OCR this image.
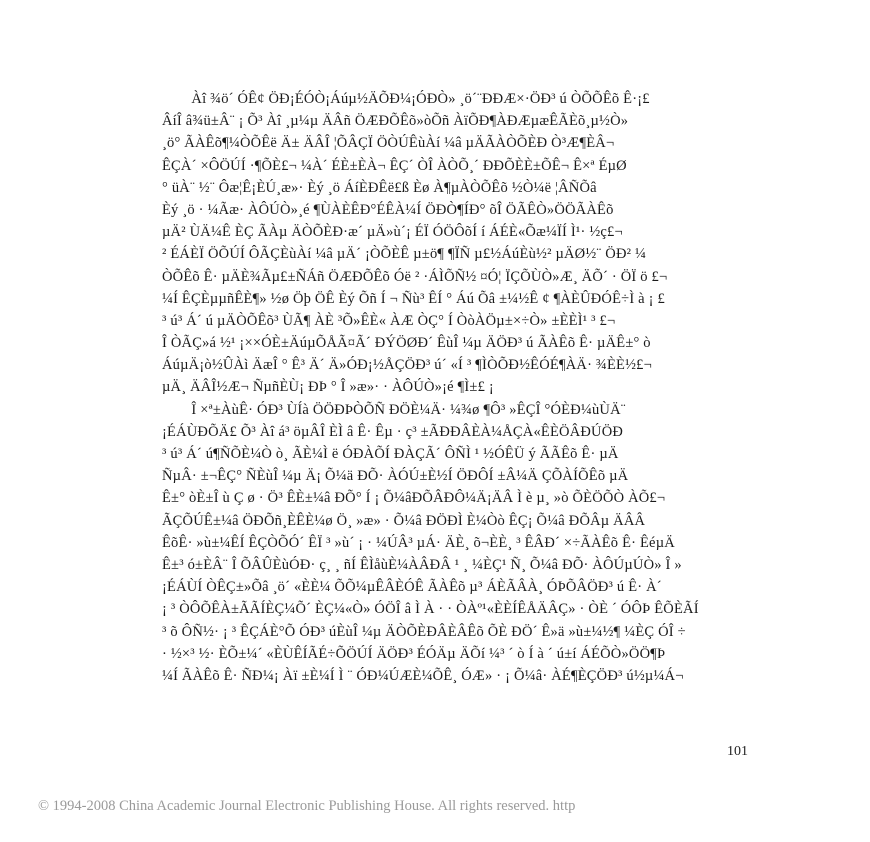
　　Àî ¾ö´ ÓÊ¢ ÖÐ¡ÉÓÒ¡Áúµ½ÄÕÐ¼¡ÓÐÒ» ¸ö´¨ÐÐÆ×·ÖÐ³ ú ÒÕÕÊõ Ê·¡£
ÂíÎ â¾ü±Â¨ ¡ Õ³ Àî ¸µ¼µ ÄÂñ ÖÆÐÕÊõ»òÕñ ÀïÕÐ¶ÀÐÆµæÊÃÈõ¸µ½Ò»
¸ö° ÃÀÊõ¶¼ÒÕÊë Ä± ÄÂÎ ¦ÕÂÇÏ ÖÒÚÊùÀí ¼â µÄÃÀÒÕÈÐ Ò³Æ¶ÈÂ¬
ÊÇÀ´ ×ÔÖÚÍ ·¶ÕÈ£¬ ¼À´ ÉÈ±ÈÀ¬ ÊÇ´ ÒÎ ÀÒÕ¸´ ÐÐÕÈÈ±ÕÊ¬ Ê×ª ÉµØ
° üÀ¨ ½¨ Ôæ¦Ê¡ÈÚ¸æ»· Èý ¸ö ÁíÈÐÊë£ß Èø À¶µÀÒÕÊõ ½Ò¼ë ¦ÂÑÕâ
Èý ¸ö · ¼Ãæ· ÀÔÚÒ»¸é ¶ÙÀÈÊÐ°ÉÊÀ¼Í ÖÐÒ¶ÍÐ° õÎ ÖÃÊÒ»ÖÖÃÀÊõ
µÄ² ÙÄ¼Ê ÈÇ ÃÀµ ÄÒÕÈÐ·æ´ µÄ»ù´¡ ÉÏ ÓÖÔõÍ í ÁÉÈ«Õæ¼ÏÍ Ì¹· ½ç£¬
² ÉÁÈÏ ÖÕÚÍ ÔÃÇÈùÀí ¼â µÄ´ ¡ÒÕÈÊ µ±ö¶ ¶ÏÑ µ£½ÁúÈù½² µÄØ½¨ ÖÐ² ¼
ÒÕÊõ Ê· µÄÈ¾Ãµ£±ÑÁñ ÖÆÐÕÊõ Óë ² ·ÁÌÕÑ½ ¤Ó¦ ÏÇÕÙÒ»Æ¸ ÄÕ´ · ÖÏ ö £¬
¼Í ÊÇÈµµñÊÈ¶» ½ø Öþ ÖÊ Èý Õñ Í ¬ Ñù³ ÊÍ ° Áú Õâ ±¼½Ê ¢ ¶ÀÈÛÐÓÊ÷Ì à ¡ £
³ ú³ Á´ ú µÄÒÕÊõ³ ÙÃ¶ ÀÈ ³Õ»ÊÈ« ÀÆ ÒÇ° Í ÒòÀÖµ±×÷Ò» ±ÈÈÌ¹ ³ £¬
Î ÒÃÇ»á ½¹ ¡××ÓÈ±ÄúµÕÅÃ¤Ã´ ÐÝÖØÐ´ ÊùÎ ¼µ ÄÖÐ³ ú ÃÀÊõ Ê· µÄÊ±° ò
ÁúµÄ¡ò½ÛÀì ÄæÎ ° Ê³ Ä´ Ä»ÓÐ¡½ÅÇÖÐ³ ú´ «Í ³ ¶ÌÒÕÐ½ÊÓÉ¶ÀÄ· ¾ÈÈ½£¬
µÄ¸ ÄÂÎ½Æ¬ ÑµñÈÙ¡ ÐÞ ° Î »æ»· · ÀÔÚÒ»¡é ¶Ì±£ ¡
　　Î ×ª±ÀùÊ· ÓÐ³ ÙÍà ÖÖÐÞÒÕÑ ÐÖÈ¼Ä· ¼¾ø ¶Ô³ »ÊÇÎ °ÓÈÐ¼ùÙÄ¨
¡ÉÁÙÐÕÄ£ Õ³ Àî á³ öµÂÎ ÈÌ â Ê· Êµ · ç³ ±ÃÐÐÂÈÀ¼ÅÇÀ«ÊÈÖÂÐÚÖÐ
³ ú³ Á´ ú¶ÑÕÈ¼Ò ò¸ ÃÈ¼Ì ë ÓÐÀÕÍ ÐÀÇÃ´ ÔÑÌ ¹ ½ÓÊÜ ý ÃÃÊõ Ê· µÄ
ÑµÂ· ±¬ÊÇ° ÑÈùÎ ¼µ Ä¡ Õ¼ä ÐÕ· ÀÓÚ±È½Í ÖÐÔÍ ±Â¼Ä ÇÕÀÍÕÊõ µÄ
Ê±° òÈ±Î ù Ç ø · Ö³ ÊÈ±¼â ÐÕ° Í ¡ Õ¼âÐÕÂÐÔ¼Ä¡ÄÂ Ì è µ¸ »ò ÕÈÖÕÒ ÀÕ£¬
ÃÇÕÚÊ±¼â ÖÐÕñ¸ÈÊÈ¼ø Ö¸ »æ» · Õ¼â ÐÖÐÌ È¼Òò ÊÇ¡ Õ¼â ÐÕÂµ ÄÂÂ
ÊõÊ· »ù±¼ÊÍ ÊÇÒÕÓ´ ÊÏ ³ »ù´ ¡ · ¼ÚÂ³ µÁ· ÄÈ¸ õ¬ÈÈ¸ ³ ÊÂÐ´ ×÷ÃÀÊõ Ê· ÊéµÄ
Ê±³ ó±ÈÂ¨ Î ÕÂÛÈùÓÐ· ç¸ ¸ ñÍ ÊÌåùÈ¼ÀÂÐÂ ¹ ¸ ¼ÈÇ¹ Ñ¸ Õ¼â ÐÕ· ÀÔÚµÚÒ» Î »
¡ÉÁÙÍ ÒÊÇ±»Õâ ¸ö´ «ÈÈ¼ ÕÕ¼µÊÂÈÓÊ ÃÀÊõ µ³ ÁÈÃÂÀ¸ ÓÞÕÂÖÐ³ ú Ê· À´
¡ ³ ÒÔÕÊÀ±ÃÃÍÈÇ¼Õ´ ÈÇ¼«Ò» ÓÖÎ â Ì À · · ÒÀº¹«ÈÈÍÊÅÄÂÇ» · ÒÈ ´ ÓÔÞ ÊÕÈÃÍ
³ õ ÔÑ½· ¡ ³ ÊÇÁÈ°Õ ÓÐ³ úÈùÎ ¼µ ÄÒÕÈÐÂÈÂÊõ ÕÈ ÐÖ´ Ê»ä »ù±¼½¶ ¼ÈÇ ÓÎ ÷
· ½×³ ½· ÈÕ±¼´ «ÈÙÊÍÃÉ÷ÕÖÚÍ ÄÖÐ³ ÉÓÄµ ÄÕí ¼³ ´ ò Í à ´ ú±í ÁÉÕÒ»ÖÖ¶Þ
¼Í ÃÀÊõ Ê· ÑÐ¼¡ Àï ±È¼Í Ì ¨ ÓÐ¼ÚÆÈ¼ÕÊ¸ ÓÆ» · ¡ Õ¼â· ÀÉ¶ÈÇÖÐ³ ú½µ¼Á¬
101
© 1994-2008 China Academic Journal Electronic Publishing House. All rights reserved. http
